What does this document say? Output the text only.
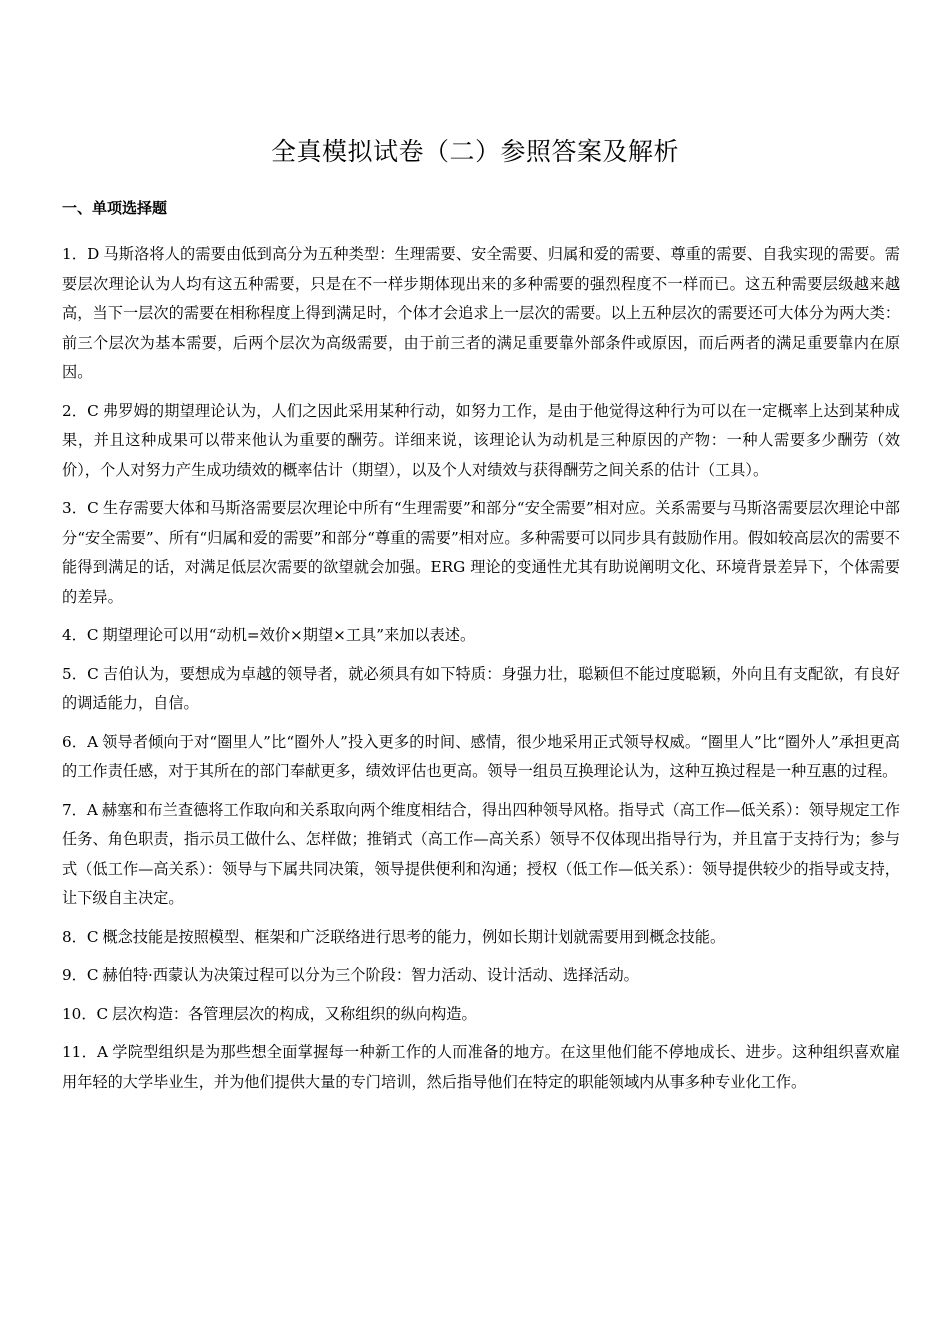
全真模拟试卷（二）参照答案及解析
一、单项选择题

1．D 马斯洛将人的需要由低到高分为五种类型：生理需要、安全需要、归属和爱的需要、尊重的需要、自我实现的需要。需要层次理论认为人均有这五种需要，只是在不一样步期体现出来的多种需要的强烈程度不一样而已。这五种需要层级越来越高，当下一层次的需要在相称程度上得到满足时，个体才会追求上一层次的需要。以上五种层次的需要还可大体分为两大类：前三个层次为基本需要，后两个层次为高级需要，由于前三者的满足重要靠外部条件或原因，而后两者的满足重要靠内在原因。

2．C 弗罗姆的期望理论认为，人们之因此采用某种行动，如努力工作，是由于他觉得这种行为可以在一定概率上达到某种成果，并且这种成果可以带来他认为重要的酬劳。详细来说，该理论认为动机是三种原因的产物：一种人需要多少酬劳（效价），个人对努力产生成功绩效的概率估计（期望），以及个人对绩效与获得酬劳之间关系的估计（工具）。

3．C 生存需要大体和马斯洛需要层次理论中所有“生理需要”和部分“安全需要”相对应。关系需要与马斯洛需要层次理论中部分“安全需要”、所有“归属和爱的需要”和部分“尊重的需要”相对应。多种需要可以同步具有鼓励作用。假如较高层次的需要不能得到满足的话，对满足低层次需要的欲望就会加强。ERG 理论的变通性尤其有助说阐明文化、环境背景差异下，个体需要的差异。

4．C 期望理论可以用“动机=效价×期望×工具”来加以表述。

5．C 吉伯认为，要想成为卓越的领导者，就必须具有如下特质：身强力壮，聪颖但不能过度聪颖，外向且有支配欲，有良好的调适能力，自信。

6．A 领导者倾向于对“圈里人”比“圈外人”投入更多的时间、感情，很少地采用正式领导权威。“圈里人”比“圈外人”承担更高的工作责任感，对于其所在的部门奉献更多，绩效评估也更高。领导一组员互换理论认为，这种互换过程是一种互惠的过程。

7．A 赫塞和布兰查德将工作取向和关系取向两个维度相结合，得出四种领导风格。指导式（高工作—低关系）：领导规定工作任务、角色职责，指示员工做什么、怎样做；推销式（高工作—高关系）领导不仅体现出指导行为，并且富于支持行为；参与式（低工作—高关系）：领导与下属共同决策，领导提供便利和沟通；授权（低工作—低关系）：领导提供较少的指导或支持，让下级自主决定。

8．C 概念技能是按照模型、框架和广泛联络进行思考的能力，例如长期计划就需要用到概念技能。

9．C 赫伯特·西蒙认为决策过程可以分为三个阶段：智力活动、设计活动、选择活动。

10．C 层次构造：各管理层次的构成，又称组织的纵向构造。

11．A 学院型组织是为那些想全面掌握每一种新工作的人而准备的地方。在这里他们能不停地成长、进步。这种组织喜欢雇用年轻的大学毕业生，并为他们提供大量的专门培训，然后指导他们在特定的职能领域内从事多种专业化工作。
